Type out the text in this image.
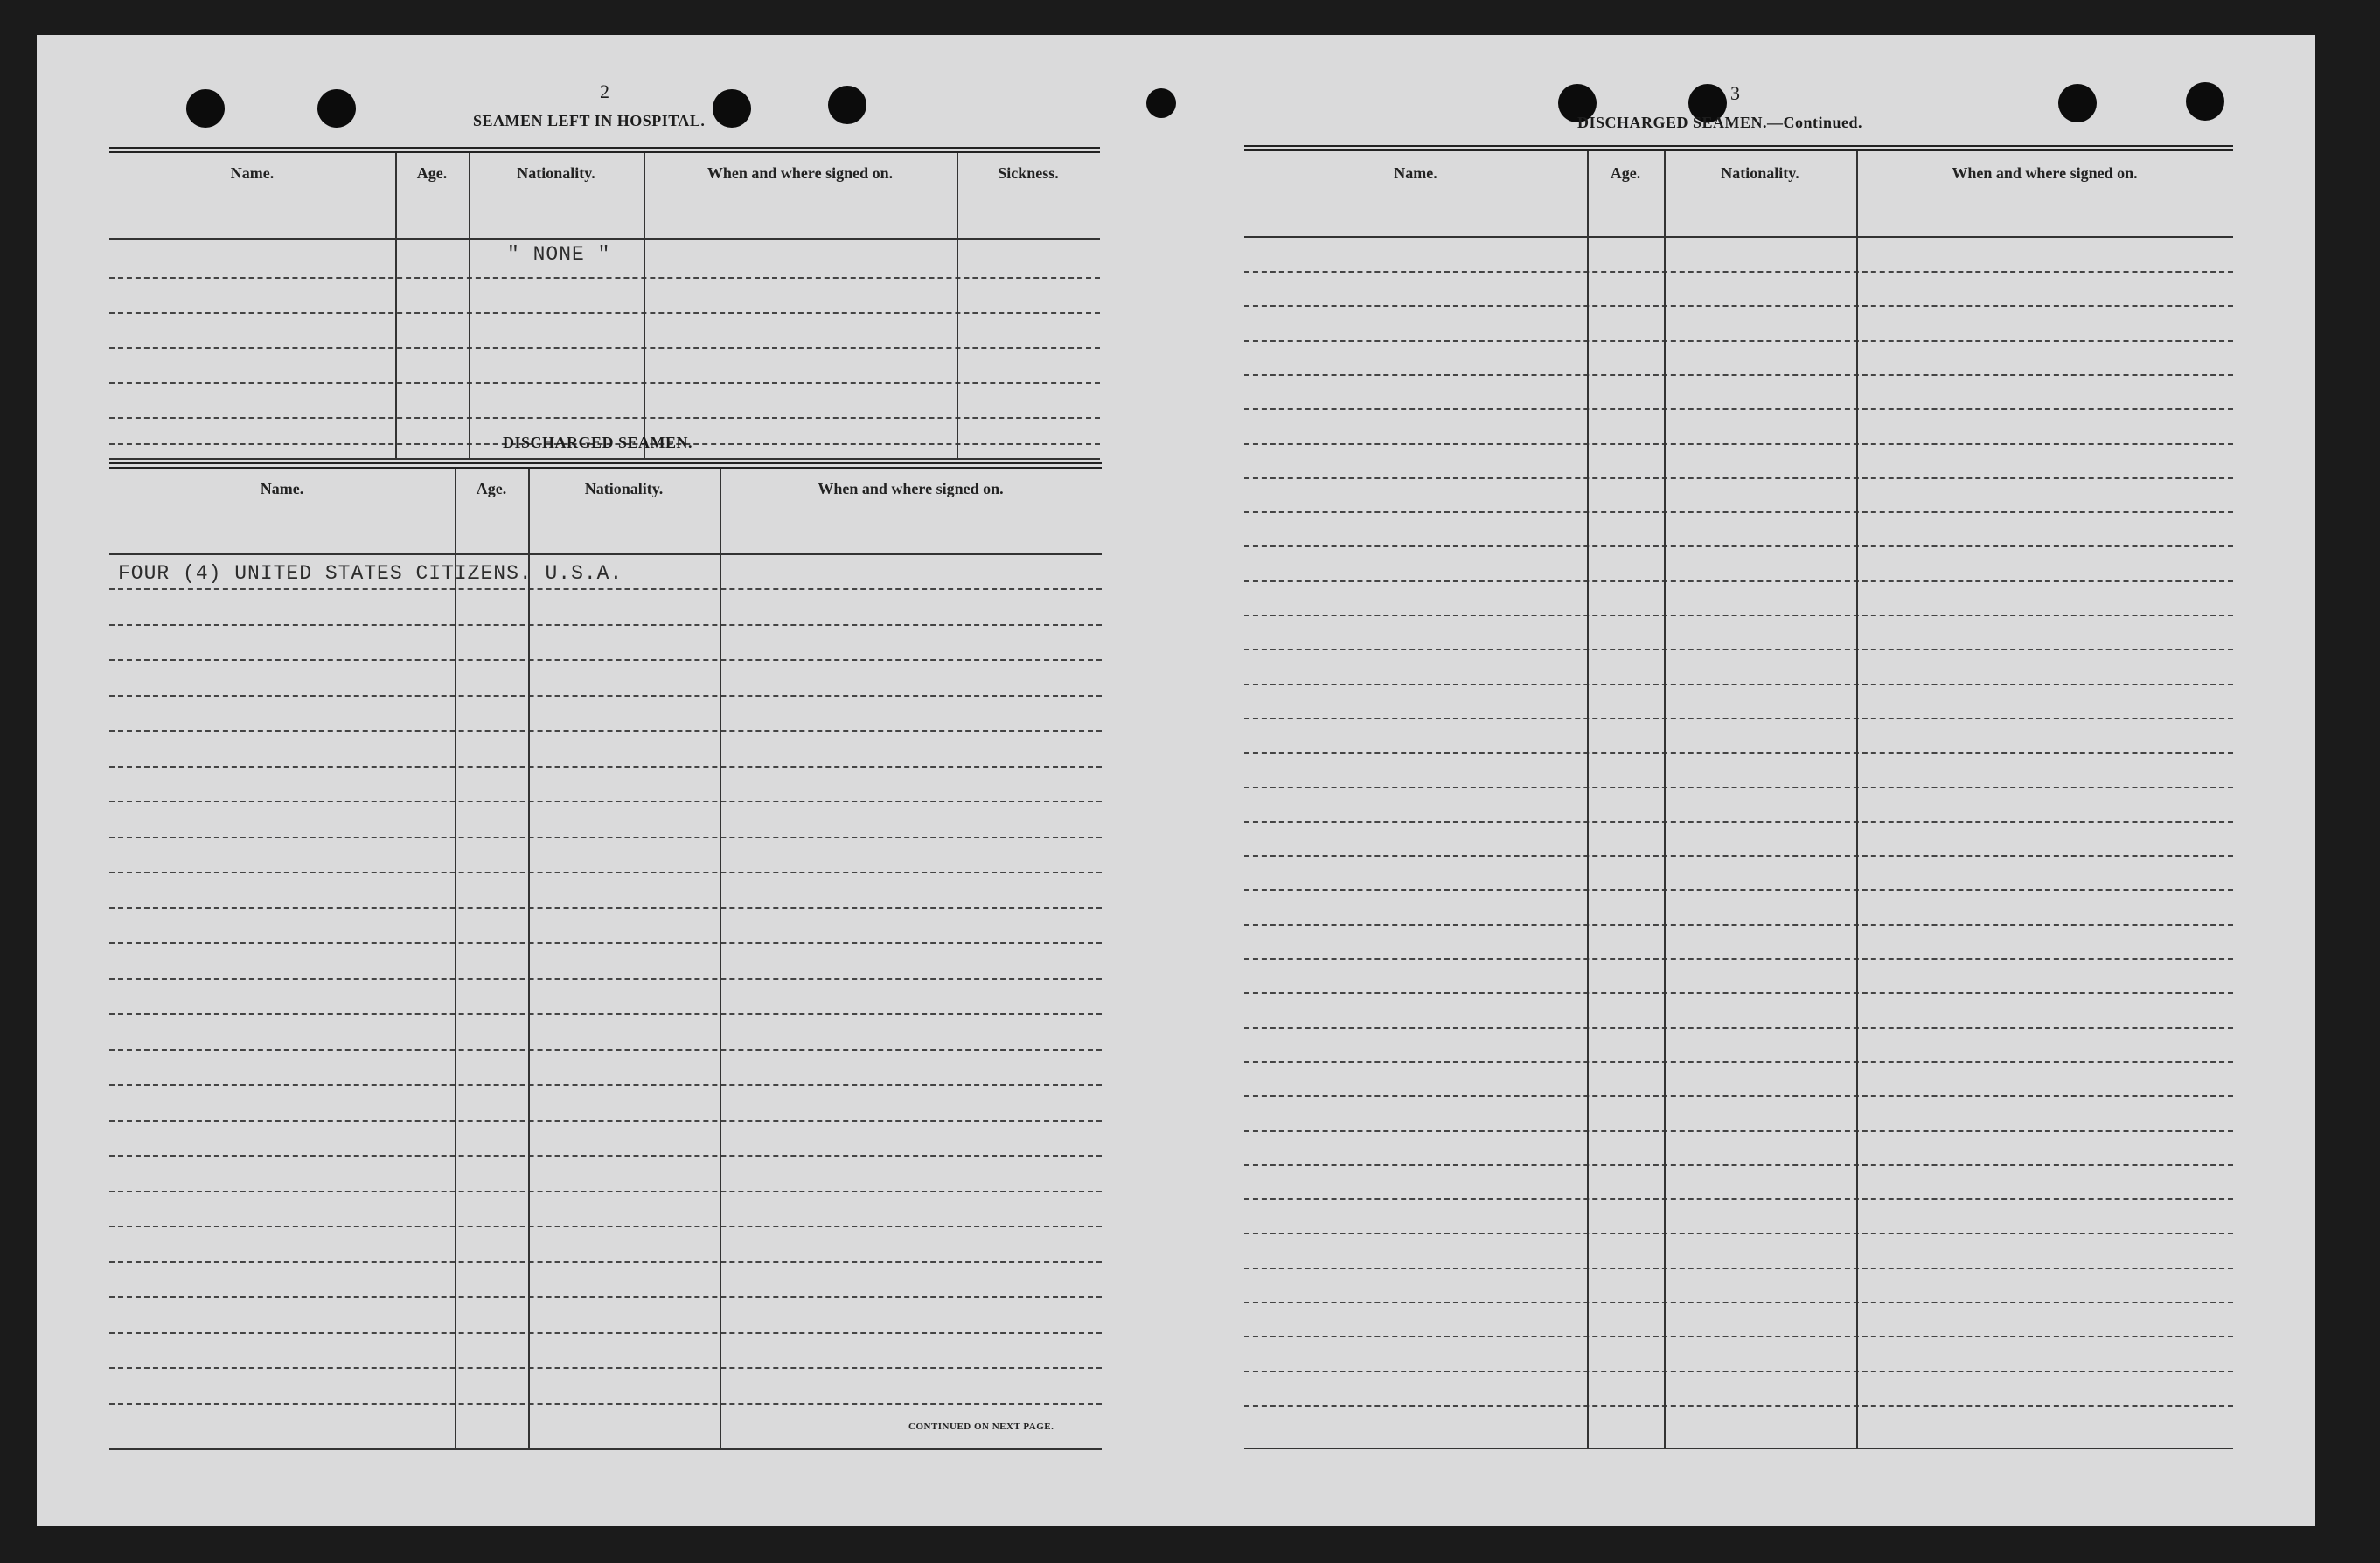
2
SEAMEN LEFT IN HOSPITAL.
Name.	Age.	Nationality.	When and where signed on.	Sickness.
" NONE "
DISCHARGED SEAMEN.
Name.	Age.	Nationality.	When and where signed on.
FOUR (4) UNITED STATES CITIZENS. U.S.A.
CONTINUED ON NEXT PAGE.
3
DISCHARGED SEAMEN.—Continued.
Name.	Age.	Nationality.	When and where signed on.
